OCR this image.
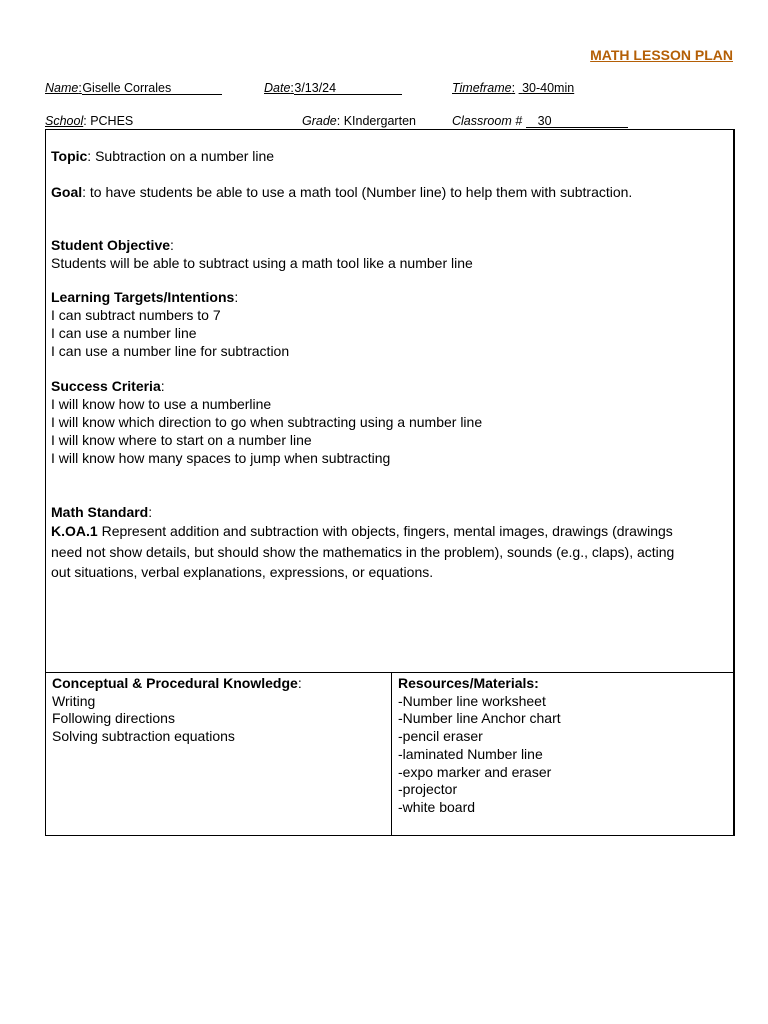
MATH LESSON PLAN
Name: Giselle Corrales	Date: 3/13/24	Timeframe: 30-40min
School: PCHES	Grade: KIndergarten	Classroom # 30

Topic: Subtraction on a number line

Goal: to have students be able to use a math tool (Number line) to help them with subtraction.

Student Objective:

Students will be able to subtract using a math tool like a number line

Learning Targets/Intentions:

I can subtract numbers to 7

I can use a number line

I can use a number line for subtraction

Success Criteria:

I will know how to use a numberline

I will know which direction to go when subtracting using a number line

I will know where to start on a number line

I will know how many spaces to jump when subtracting

Math Standard:

K.OA.1 Represent addition and subtraction with objects, fingers, mental images, drawings (drawings

need not show details, but should show the mathematics in the problem), sounds (e.g., claps), acting

out situations, verbal explanations, expressions, or equations.

Conceptual & Procedural Knowledge:

Writing

Following directions

Solving subtraction equations

Resources/Materials:

-Number line worksheet

-Number line Anchor chart

-pencil eraser

-laminated Number line

-expo marker and eraser

-projector

-white board
